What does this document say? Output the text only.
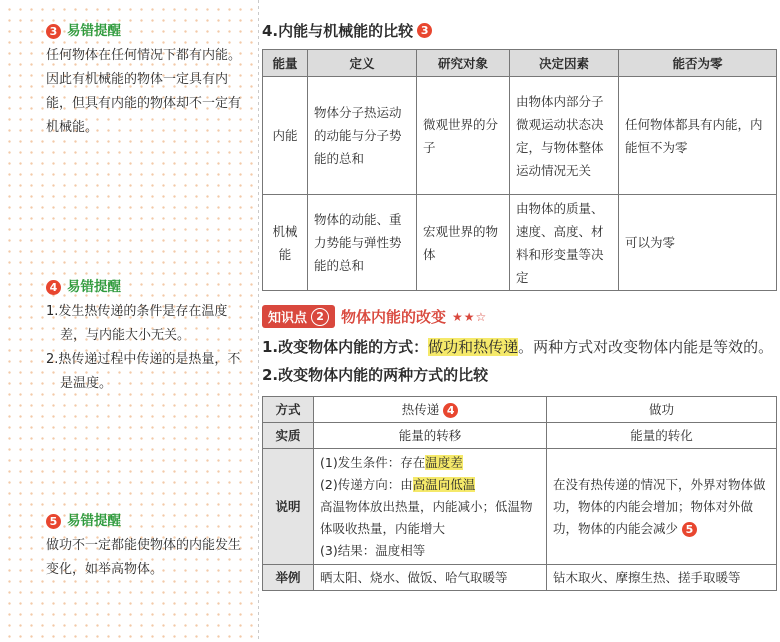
3 易错提醒

任何物体在任何情况下都有内能。 因此有机械能的物体一定具有内能，但具有内能的物体却不一定有机械能。

4 易错提醒
1.发生热传递的条件是存在温度差，与内能大小无关。
2.热传递过程中传递的是热量，不是温度。
5 易错提醒

做功不一定都能使物体的内能发生变化，如举高物体。

4.内能与机械能的比较 3
能量	定义	研究对象	决定因素	能否为零
内能	物体分子热运动的动能与分子势能的总和	微观世界的分子	由物体内部分子微观运动状态决定，与物体整体运动情况无关	任何物体都具有内能，内能恒不为零
机械能	物体的动能、重力势能与弹性势能的总和	宏观世界的物体	由物体的质量、速度、高度、材料和形变量等决定	可以为零
知识点 2	物体内能的改变 ★★☆
1.改变物体内能的方式：做功和热传递。两种方式对改变物体内能是等效的。
2.改变物体内能的两种方式的比较
方式	热传递 4	做功
实质	能量的转移	能量的转化
说明	(1)发生条件：存在温度差
(2)传递方向：由高温向低温
高温物体放出热量，内能减小；低温物体吸收热量，内能增大
(3)结果：温度相等	在没有热传递的情况下，外界对物体做功，物体的内能会增加；物体对外做功，物体的内能会减少 5
举例	晒太阳、烧水、做饭、哈气取暖等	钻木取火、摩擦生热、搓手取暖等
